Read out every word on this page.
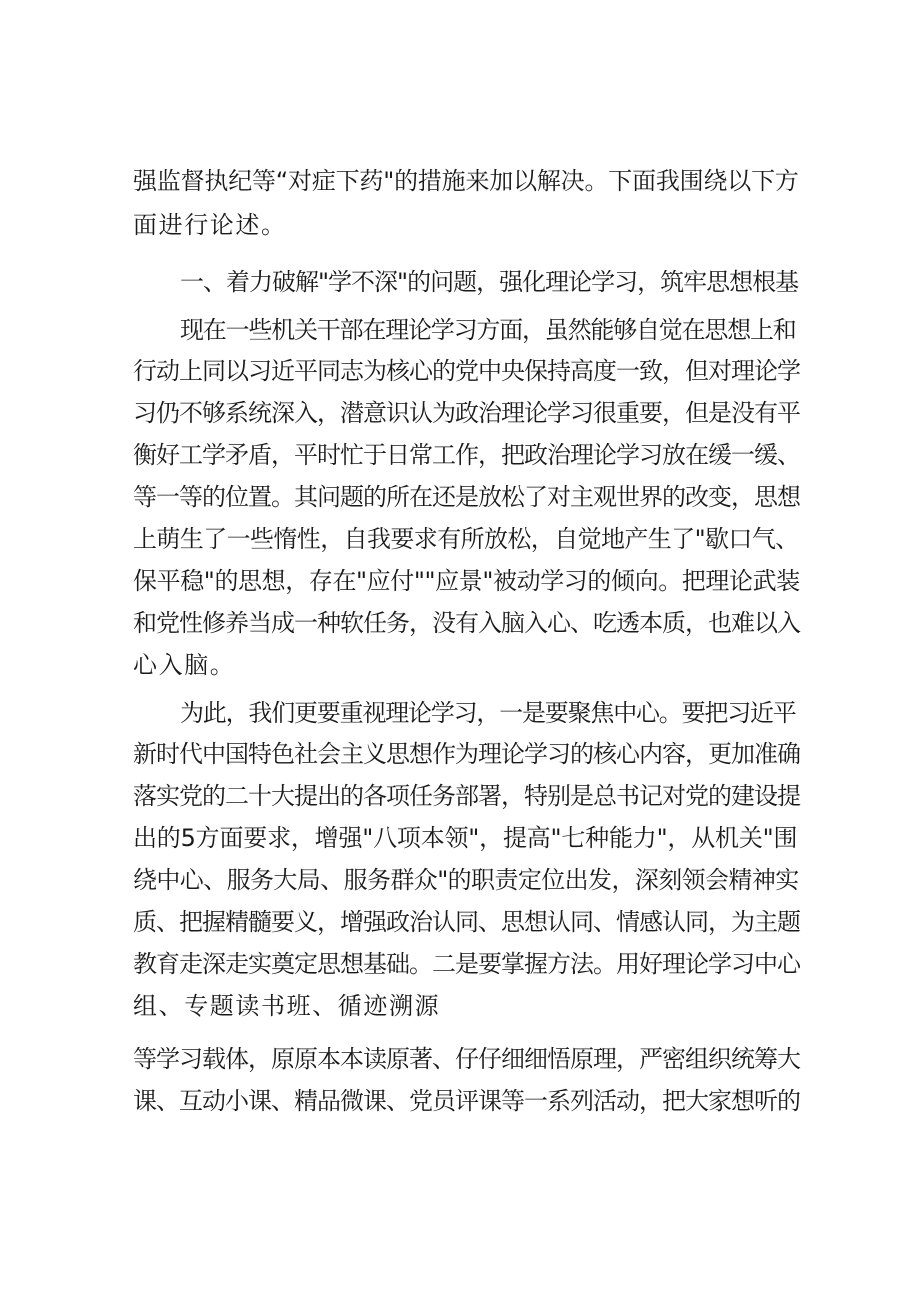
强监督执纪等“对症下药"的措施来加以解决。下面我围绕以下方

面进行论述。

一、着力破解"学不深"的问题，强化理论学习，筑牢思想根基

现在一些机关干部在理论学习方面，虽然能够自觉在思想上和

行动上同以习近平同志为核心的党中央保持高度一致，但对理论学

习仍不够系统深入，潜意识认为政治理论学习很重要，但是没有平

衡好工学矛盾，平时忙于日常工作，把政治理论学习放在缓一缓、

等一等的位置。其问题的所在还是放松了对主观世界的改变，思想

上萌生了一些惰性，自我要求有所放松，自觉地产生了"歇口气、

保平稳"的思想，存在"应付""应景"被动学习的倾向。把理论武装

和党性修养当成一种软任务，没有入脑入心、吃透本质，也难以入

心入脑。

为此，我们更要重视理论学习，一是要聚焦中心。要把习近平

新时代中国特色社会主义思想作为理论学习的核心内容，更加准确

落实党的二十大提出的各项任务部署，特别是总书记对党的建设提

出的5方面要求，增强"八项本领"，提高"七种能力"，从机关"围

绕中心、服务大局、服务群众"的职责定位出发，深刻领会精神实

质、把握精髓要义，增强政治认同、思想认同、情感认同，为主题

教育走深走实奠定思想基础。二是要掌握方法。用好理论学习中心

组、专题读书班、循迹溯源

等学习载体，原原本本读原著、仔仔细细悟原理，严密组织统筹大

课、互动小课、精品微课、党员评课等一系列活动，把大家想听的
